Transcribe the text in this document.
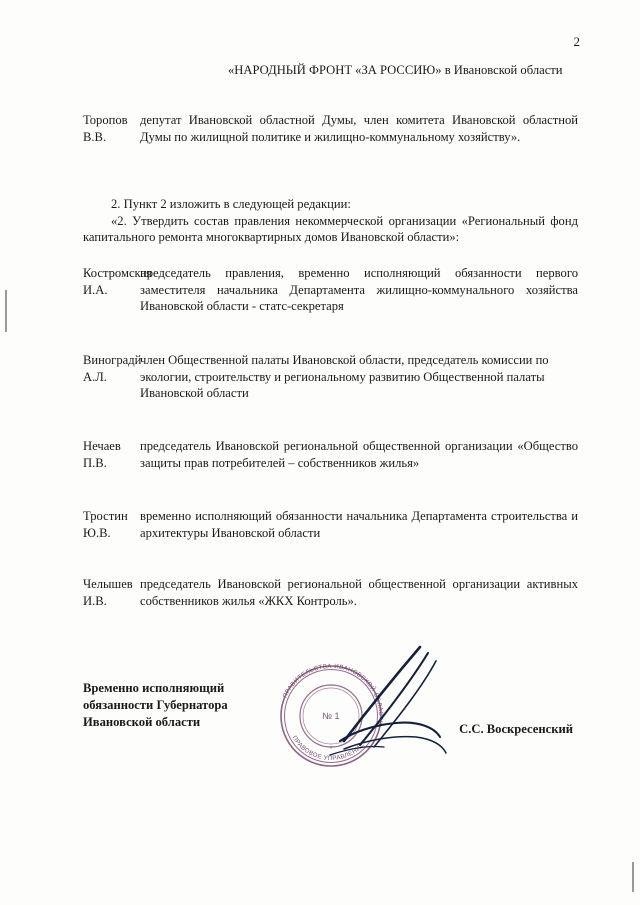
2
«НАРОДНЫЙ ФРОНТ «ЗА РОССИЮ» в Ивановской области
Торопов В.В.
депутат Ивановской областной Думы, член комитета Ивановской областной Думы по жилищной политике и жилищно-коммунальному хозяйству».

2. Пункт 2 изложить в следующей редакции:

«2. Утвердить состав правления некоммерческой организации «Региональный фонд капитального ремонта многоквартирных домов Ивановской области»:

Костромская И.А.
председатель правления, временно исполняющий обязанности первого заместителя начальника Департамента жилищно-коммунального хозяйства Ивановской области - статс-секретаря
Виноградй А.Л.
член Общественной палаты Ивановской области, председатель комиссии по экологии, строительству и региональному развитию Общественной палаты Ивановской области
Нечаев П.В.
председатель Ивановской региональной общественной организации «Общество защиты прав потребителей – собственников жилья»
Тростин Ю.В.
временно исполняющий обязанности начальника Департамента строительства и архитектуры Ивановской области
Челышев И.В.
председатель Ивановской региональной общественной организации активных собственников жилья «ЖКХ Контроль».
Временно исполняющий обязанности Губернатора Ивановской области	С.С. Воскресенский
ПРАВИТЕЛЬСТВА ИВАНОВСКОЙ ОБЛАСТИ
ПРАВОВОЕ УПРАВЛЕНИЕ *
№ 1
*
